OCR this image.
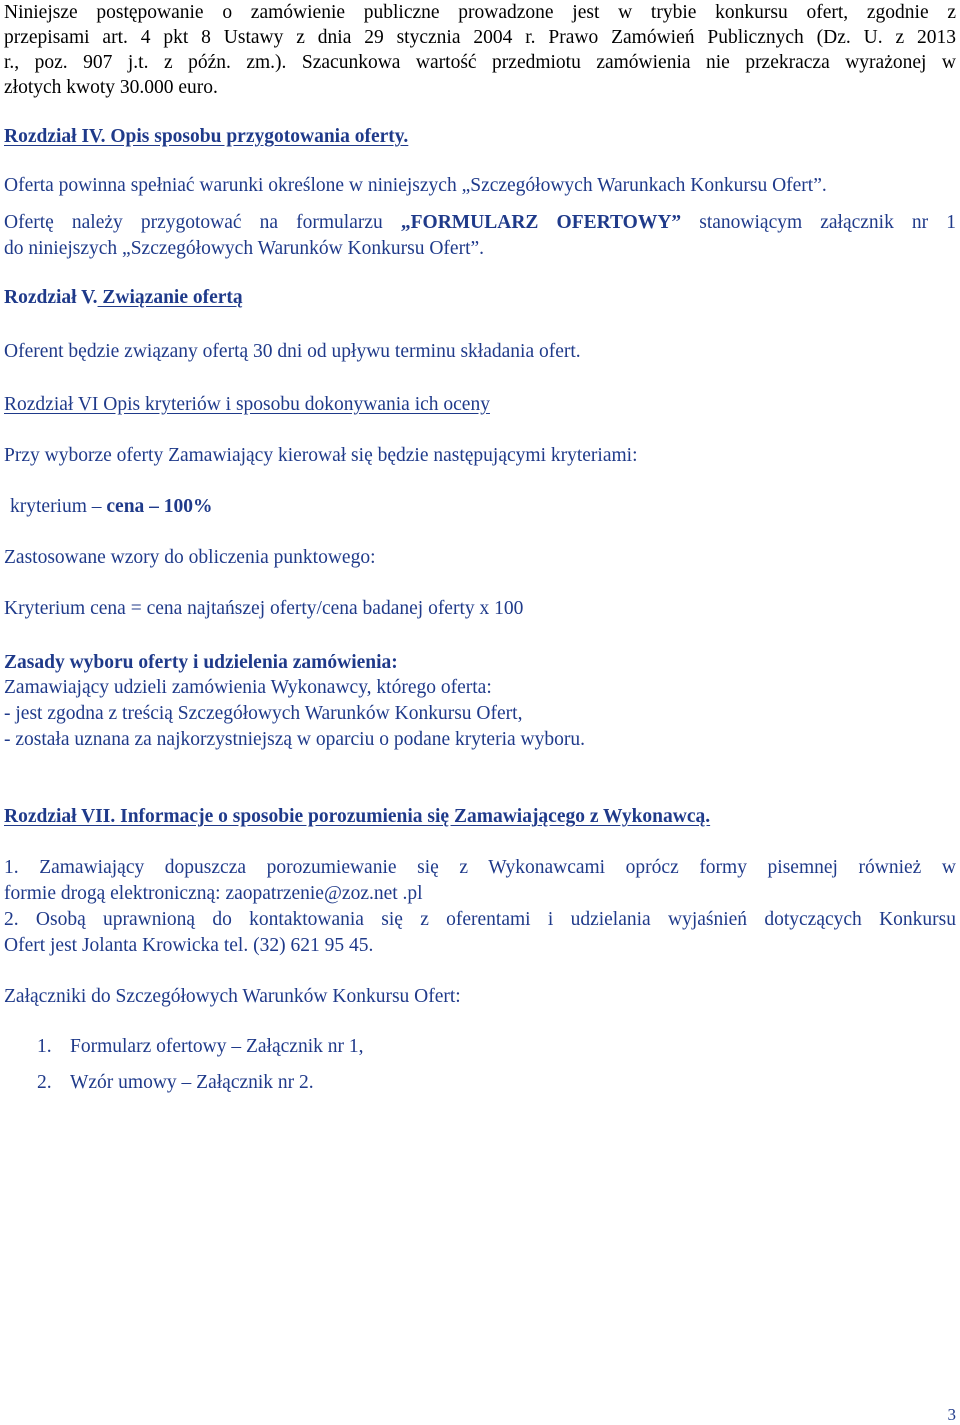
Niniejsze postępowanie o zamówienie publiczne prowadzone jest w trybie konkursu ofert, zgodnie z
przepisami art. 4 pkt 8 Ustawy z dnia 29 stycznia 2004 r. Prawo Zamówień Publicznych (Dz. U. z 2013
r., poz. 907 j.t. z późn. zm.). Szacunkowa wartość przedmiotu zamówienia nie przekracza wyrażonej w
złotych kwoty 30.000 euro.
Rozdział IV. Opis sposobu przygotowania oferty.
Oferta powinna spełniać warunki określone w niniejszych „Szczegółowych Warunkach Konkursu Ofert”.
Ofertę należy przygotować na formularzu „FORMULARZ OFERTOWY” stanowiącym załącznik nr 1
do niniejszych „Szczegółowych Warunków Konkursu Ofert”.
Rozdział V. Związanie ofertą
Oferent będzie związany ofertą 30 dni od upływu terminu składania ofert.
Rozdział VI Opis kryteriów i sposobu dokonywania ich oceny
Przy wyborze oferty Zamawiający kierował się będzie następującymi kryteriami:
kryterium – cena – 100%
Zastosowane wzory do obliczenia punktowego:
Kryterium cena = cena najtańszej oferty/cena badanej oferty x 100
Zasady wyboru oferty i udzielenia zamówienia:
Zamawiający udzieli zamówienia Wykonawcy, którego oferta:
- jest zgodna z treścią Szczegółowych Warunków Konkursu Ofert,
- została uznana za najkorzystniejszą w oparciu o podane kryteria wyboru.
Rozdział VII. Informacje o sposobie porozumienia się Zamawiającego z Wykonawcą.
1. Zamawiający dopuszcza porozumiewanie się z Wykonawcami oprócz formy pisemnej również w
formie drogą elektroniczną: zaopatrzenie@zoz.net .pl
2. Osobą uprawnioną do kontaktowania się z oferentami i udzielania wyjaśnień dotyczących Konkursu
Ofert jest Jolanta Krowicka tel. (32) 621 95 45.
Załączniki do Szczegółowych Warunków Konkursu Ofert:
1. Formularz ofertowy – Załącznik nr 1,
2. Wzór umowy – Załącznik nr 2.
3
